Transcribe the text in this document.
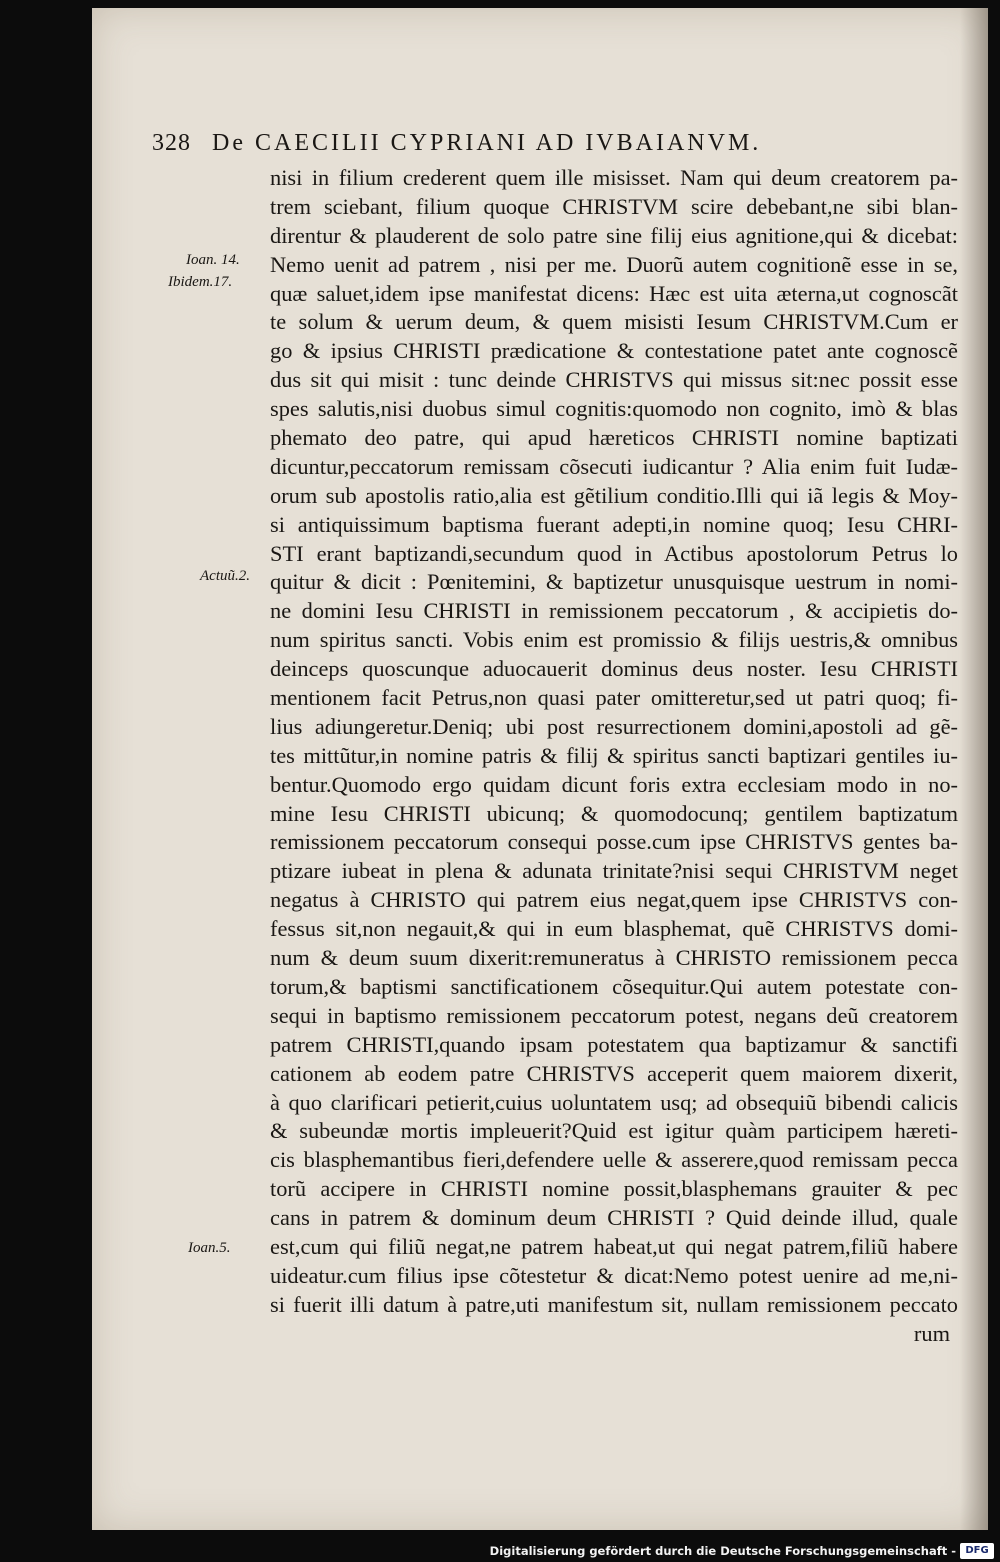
328 De CAECILII CYPRIANI AD IVBAIANVM.
Ioan. 14.
Ibidem.17.
Actuũ.2.
Ioan.5.
nisi in filium crederent quem ille misisset. Nam qui deum creatorem pa-
trem sciebant, filium quoque CHRISTVM scire debebant,ne sibi blan-
direntur & plauderent de solo patre sine filij eius agnitione,qui & dicebat:
Nemo uenit ad patrem , nisi per me. Duorũ autem cognitionẽ esse in se,
quæ saluet,idem ipse manifestat dicens: Hæc est uita æterna,ut cognoscãt
te solum & uerum deum, & quem misisti Iesum CHRISTVM.Cum er
go & ipsius CHRISTI prædicatione & contestatione patet ante cognoscẽ
dus sit qui misit : tunc deinde CHRISTVS qui missus sit:nec possit esse
spes salutis,nisi duobus simul cognitis:quomodo non cognito, imò & blas
phemato deo patre, qui apud hæreticos CHRISTI nomine baptizati
dicuntur,peccatorum remissam cõsecuti iudicantur ? Alia enim fuit Iudæ-
orum sub apostolis ratio,alia est gẽtilium conditio.Illi qui iã legis & Moy-
si antiquissimum baptisma fuerant adepti,in nomine quoq; Iesu CHRI-
STI erant baptizandi,secundum quod in Actibus apostolorum Petrus lo
quitur & dicit : Pœnitemini, & baptizetur unusquisque uestrum in nomi-
ne domini Iesu CHRISTI in remissionem peccatorum , & accipietis do-
num spiritus sancti. Vobis enim est promissio & filijs uestris,& omnibus
deinceps quoscunque aduocauerit dominus deus noster. Iesu CHRISTI
mentionem facit Petrus,non quasi pater omitteretur,sed ut patri quoq; fi-
lius adiungeretur.Deniq; ubi post resurrectionem domini,apostoli ad gẽ-
tes mittũtur,in nomine patris & filij & spiritus sancti baptizari gentiles iu-
bentur.Quomodo ergo quidam dicunt foris extra ecclesiam modo in no-
mine Iesu CHRISTI ubicunq; & quomodocunq; gentilem baptizatum
remissionem peccatorum consequi posse.cum ipse CHRISTVS gentes ba-
ptizare iubeat in plena & adunata trinitate?nisi sequi CHRISTVM neget
negatus à CHRISTO qui patrem eius negat,quem ipse CHRISTVS con-
fessus sit,non negauit,& qui in eum blasphemat, quẽ CHRISTVS domi-
num & deum suum dixerit:remuneratus à CHRISTO remissionem pecca
torum,& baptismi sanctificationem cõsequitur.Qui autem potestate con-
sequi in baptismo remissionem peccatorum potest, negans deũ creatorem
patrem CHRISTI,quando ipsam potestatem qua baptizamur & sanctifi
cationem ab eodem patre CHRISTVS acceperit quem maiorem dixerit,
à quo clarificari petierit,cuius uoluntatem usq; ad obsequiũ bibendi calicis
& subeundæ mortis impleuerit?Quid est igitur quàm participem hæreti-
cis blasphemantibus fieri,defendere uelle & asserere,quod remissam pecca
torũ accipere in CHRISTI nomine possit,blasphemans grauiter & pec
cans in patrem & dominum deum CHRISTI ? Quid deinde illud, quale
est,cum qui filiũ negat,ne patrem habeat,ut qui negat patrem,filiũ habere
uideatur.cum filius ipse cõtestetur & dicat:Nemo potest uenire ad me,ni-
si fuerit illi datum à patre,uti manifestum sit, nullam remissionem peccato
rum
Digitalisierung gefördert durch die Deutsche Forschungsgemeinschaft - DFG
